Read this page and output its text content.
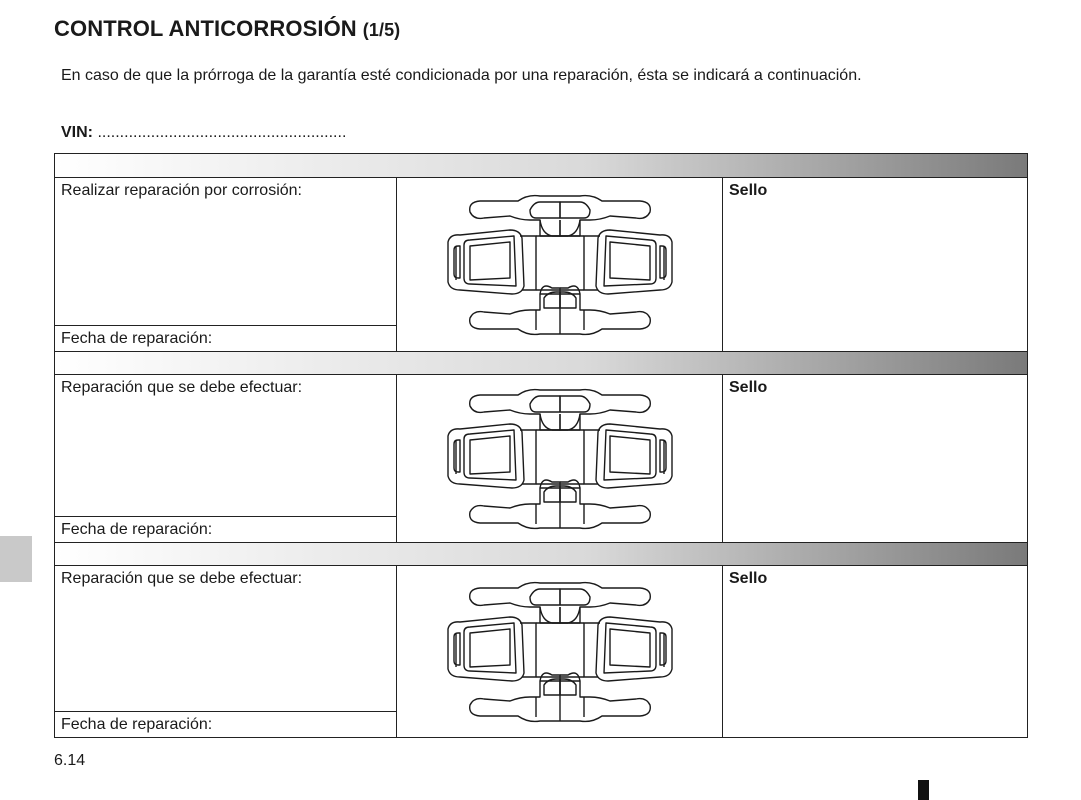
CONTROL ANTICORROSIÓN (1/5)
En caso de que la prórroga de la garantía esté condicionada por una reparación, ésta se indicará a continuación.
VIN: ........................................................
Realizar reparación por corrosión:
Fecha de reparación:
Sello
Reparación que se debe efectuar:
Fecha de reparación:
Sello
Reparación que se debe efectuar:
Fecha de reparación:
Sello
6.14
